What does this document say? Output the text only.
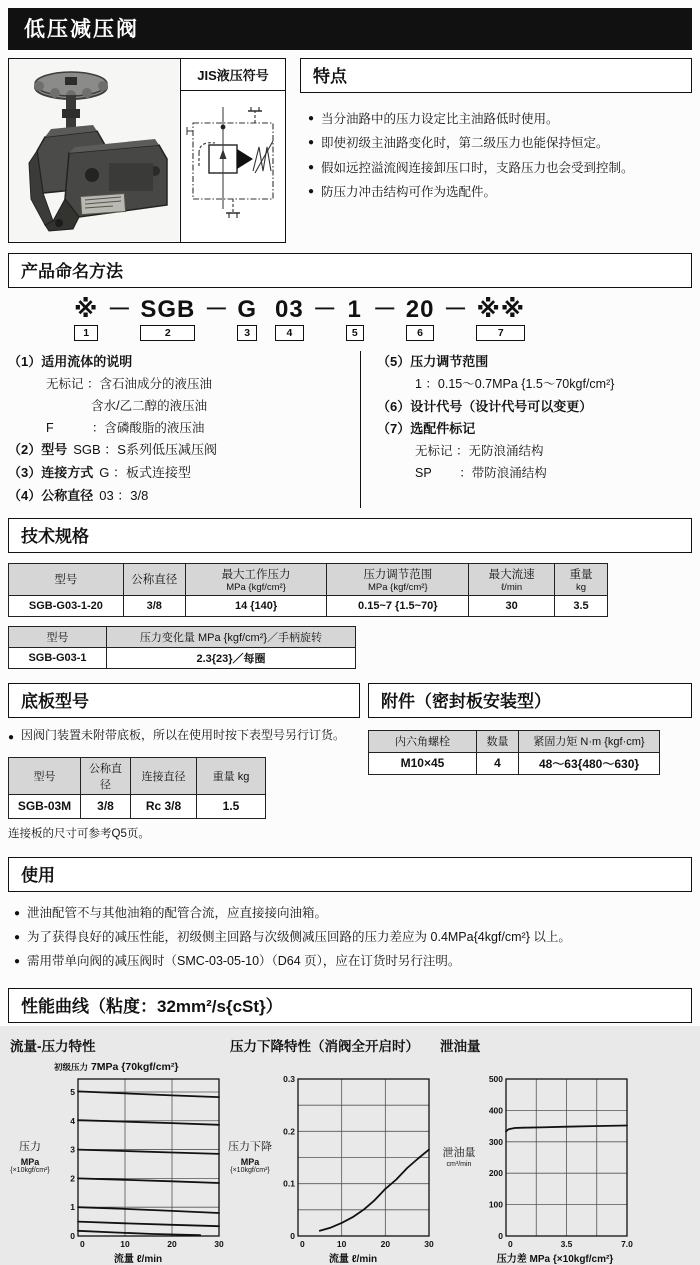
低压减压阀
JIS液压符号	特点
● 当分油路中的压力设定比主油路低时使用。
● 即使初级主油路变化时，第二级压力也能保持恒定。
● 假如远控溢流阀连接卸压口时，支路压力也会受到控制。
● 防压力冲击结构可作为选配件。
产品命名方法
※
1
－ SGB
2
－ G
3
03
4
－ 1
5
－ 20
6
－ ※※
7
（1）适用流体的说明
无标记 ：含石油成分的液压油
含水/乙二醇的液压油
F           ：含磷酸脂的液压油
（2）型号 SGB ：S系列低压减压阀
（3）连接方式 G ：板式连接型
（4）公称直径 03 ：3/8
（5）压力调节范围
1 ：0.15～0.7MPa {1.5～70kgf/cm²}
（6）设计代号（设计代号可以变更）
（7）选配件标记
无标记 ：无防浪涌结构
SP        ：带防浪涌结构
技术规格
型号	公称直径	最大工作压力
MPa {kgf/cm²}	压力调节范围
MPa {kgf/cm²}	最大流速
ℓ/min	重量
kg

SGB-G03-1-20	3/8	14 {140}	0.15~7 {1.5~70}	30	3.5
型号	压力变化量 MPa {kgf/cm²}／手柄旋转
SGB-G03-1	2.3{23}／每圈
底板型号
● 因阀门装置未附带底板，所以在使用时按下表型号另行订货。
型号	公称直径	连接直径	重量 kg
SGB-03M	3/8	Rc 3/8	1.5
连接板的尺寸可参考Q5页。
附件（密封板安装型）
内六角螺栓	数量	紧固力矩 N·m {kgf·cm}
M10×45	4	48～63{480～630}
使用
● 泄油配管不与其他油箱的配管合流，应直接接向油箱。
● 为了获得良好的减压性能，初级侧主回路与次级侧减压回路的压力差应为 0.4MPa{4kgf/cm²} 以上。
● 需用带单向阀的减压阀时（SMC-03-05-10）（D64 页），应在订货时另行注明。
性能曲线（粘度：32mm²/s{cSt}）
流量-压力特性
初级压力 7MPa {70kgf/cm²}
压力
MPa
{×10kgf/cm²}
0	10	20	30
0
1
2
3
4
5
流量 ℓ/min
压力下降特性（消阀全开启时）

压力下降
MPa
{×10kgf/cm²}
0	10	20	30
0
0.1
0.2
0.3
流量 ℓ/min
泄油量

泄油量
cm³/min
0	3.5	7.0
0
100
200
300
400
500
压力差 MPa {×10kgf/cm²}
